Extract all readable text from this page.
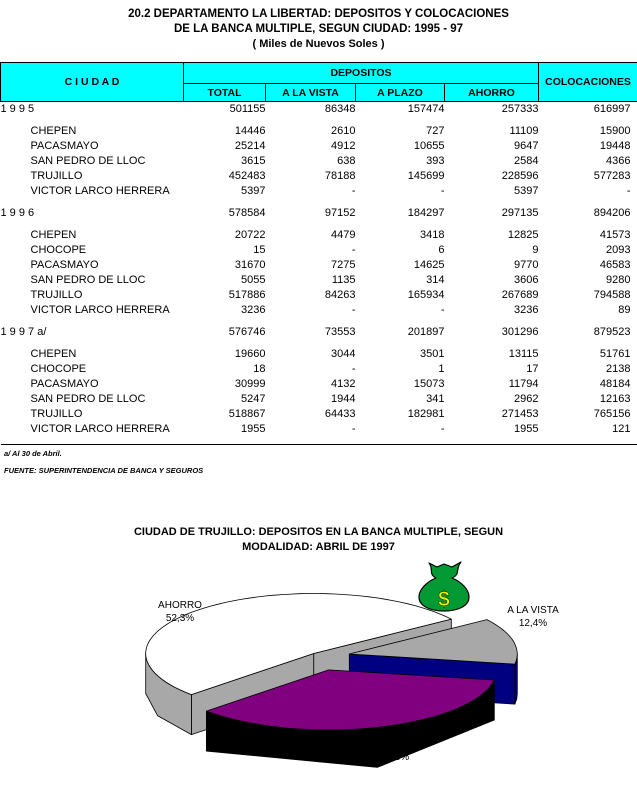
20.2 DEPARTAMENTO LA LIBERTAD: DEPOSITOS Y COLOCACIONES
DE LA BANCA MULTIPLE, SEGUN CIUDAD: 1995 - 97
( Miles de Nuevos Soles )
C I U D A D	DEPOSITOS				COLOCACIONES
	TOTAL	A LA VISTA	A PLAZO	AHORRO	
1 9 9 5	501155	86348	157474	257333	616997

CHEPEN	14446	2610	727	11109	15900
PACASMAYO	25214	4912	10655	9647	19448
SAN PEDRO DE LLOC	3615	638	393	2584	4366
TRUJILLO	452483	78188	145699	228596	577283
VICTOR LARCO HERRERA	5397	-	-	5397	-

1 9 9 6	578584	97152	184297	297135	894206

CHEPEN	20722	4479	3418	12825	41573
CHOCOPE	15	-	6	9	2093
PACASMAYO	31670	7275	14625	9770	46583
SAN PEDRO DE LLOC	5055	1135	314	3606	9280
TRUJILLO	517886	84263	165934	267689	794588
VICTOR LARCO HERRERA	3236	-	-	3236	89

1 9 9 7 a/	576746	73553	201897	301296	879523

CHEPEN	19660	3044	3501	13115	51761
CHOCOPE	18	-	1	17	2138
PACASMAYO	30999	4132	15073	11794	48184
SAN PEDRO DE LLOC	5247	1944	341	2962	12163
TRUJILLO	518867	64433	182981	271453	765156
VICTOR LARCO HERRERA	1955	-	-	1955	121

a/ Al 30 de Abril.
FUENTE: SUPERINTENDENCIA DE BANCA Y SEGUROS
CIUDAD DE TRUJILLO: DEPOSITOS EN LA BANCA MULTIPLE, SEGUN
MODALIDAD: ABRIL DE 1997
$
AHORRO
52,3%
A LA VISTA
12,4%
A PLAZO
35,3%
